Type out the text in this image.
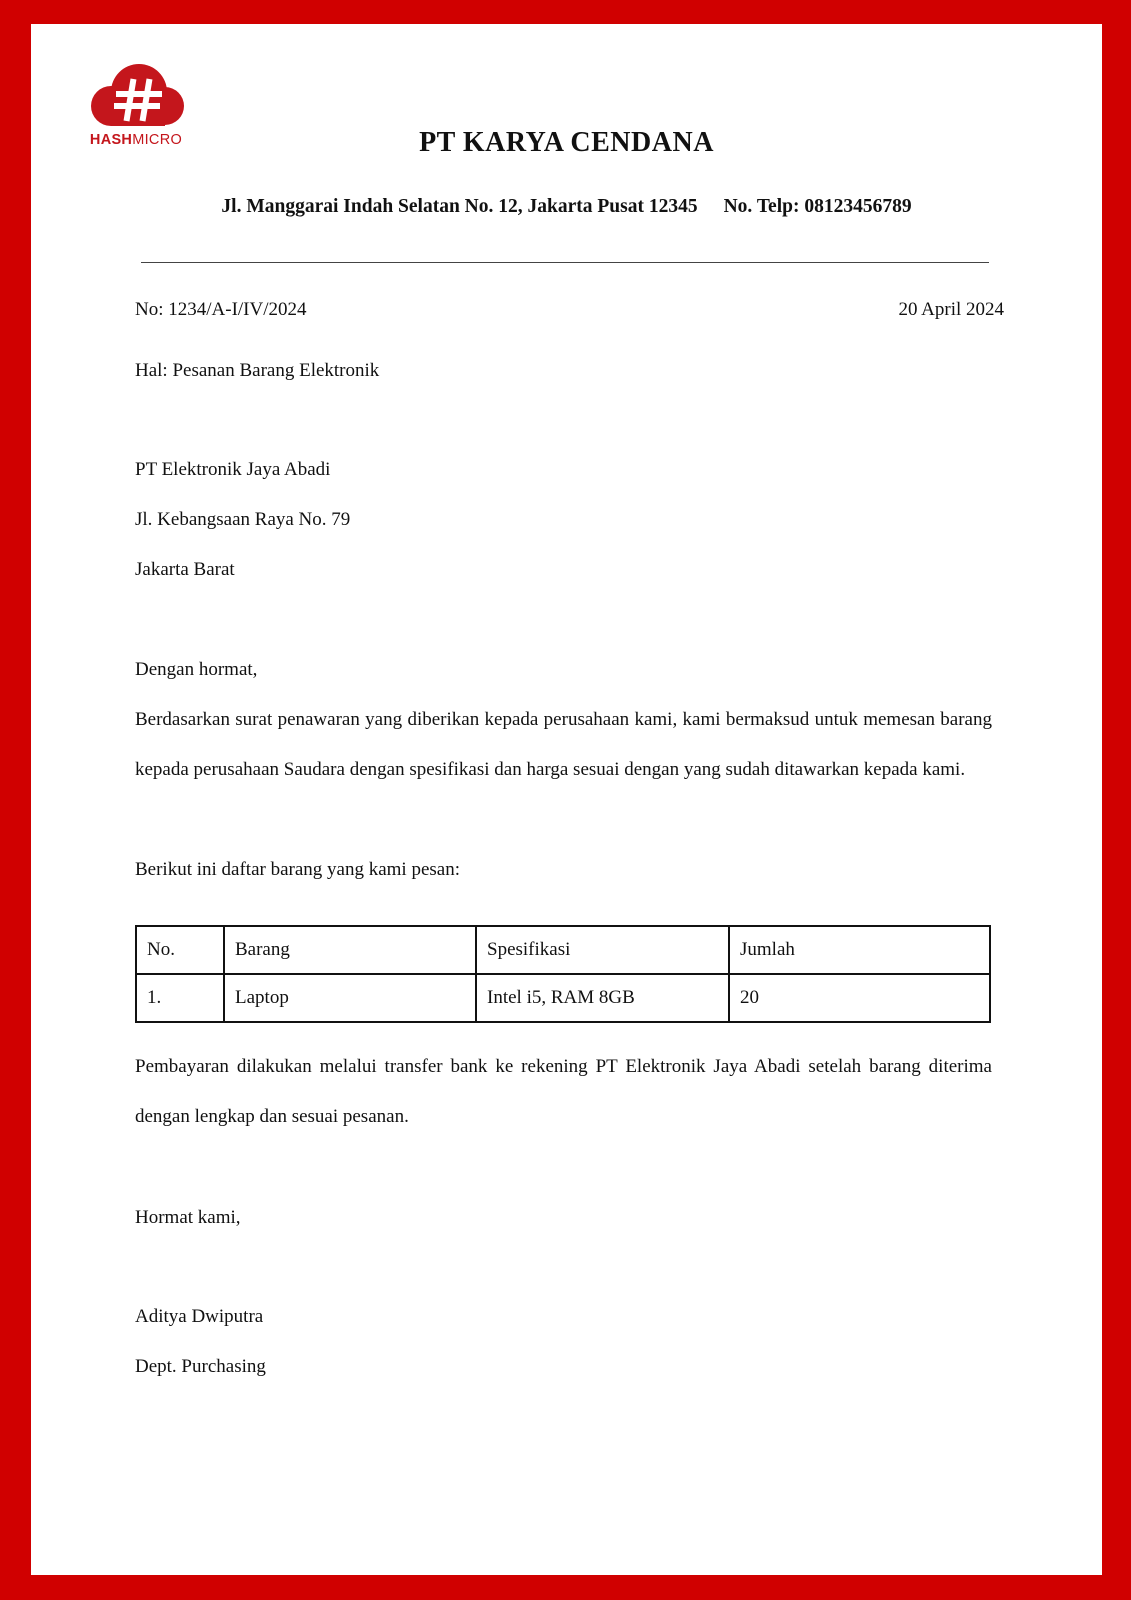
HASHMICRO	PT KARYA CENDANA
Jl. Manggarai Indah Selatan No. 12, Jakarta Pusat 12345 No. Telp: 08123456789
No: 1234/A-I/IV/2024	20 April 2024
Hal: Pesanan Barang Elektronik
PT Elektronik Jaya Abadi
Jl. Kebangsaan Raya No. 79
Jakarta Barat
Dengan hormat,
Berdasarkan surat penawaran yang diberikan kepada perusahaan kami, kami bermaksud untuk memesan barang kepada perusahaan Saudara dengan spesifikasi dan harga sesuai dengan yang sudah ditawarkan kepada kami.
Berikut ini daftar barang yang kami pesan:
No.	Barang	Spesifikasi	Jumlah
1.	Laptop	Intel i5, RAM 8GB	20
Pembayaran dilakukan melalui transfer bank ke rekening PT Elektronik Jaya Abadi setelah barang diterima dengan lengkap dan sesuai pesanan.
Hormat kami,
Aditya Dwiputra
Dept. Purchasing
